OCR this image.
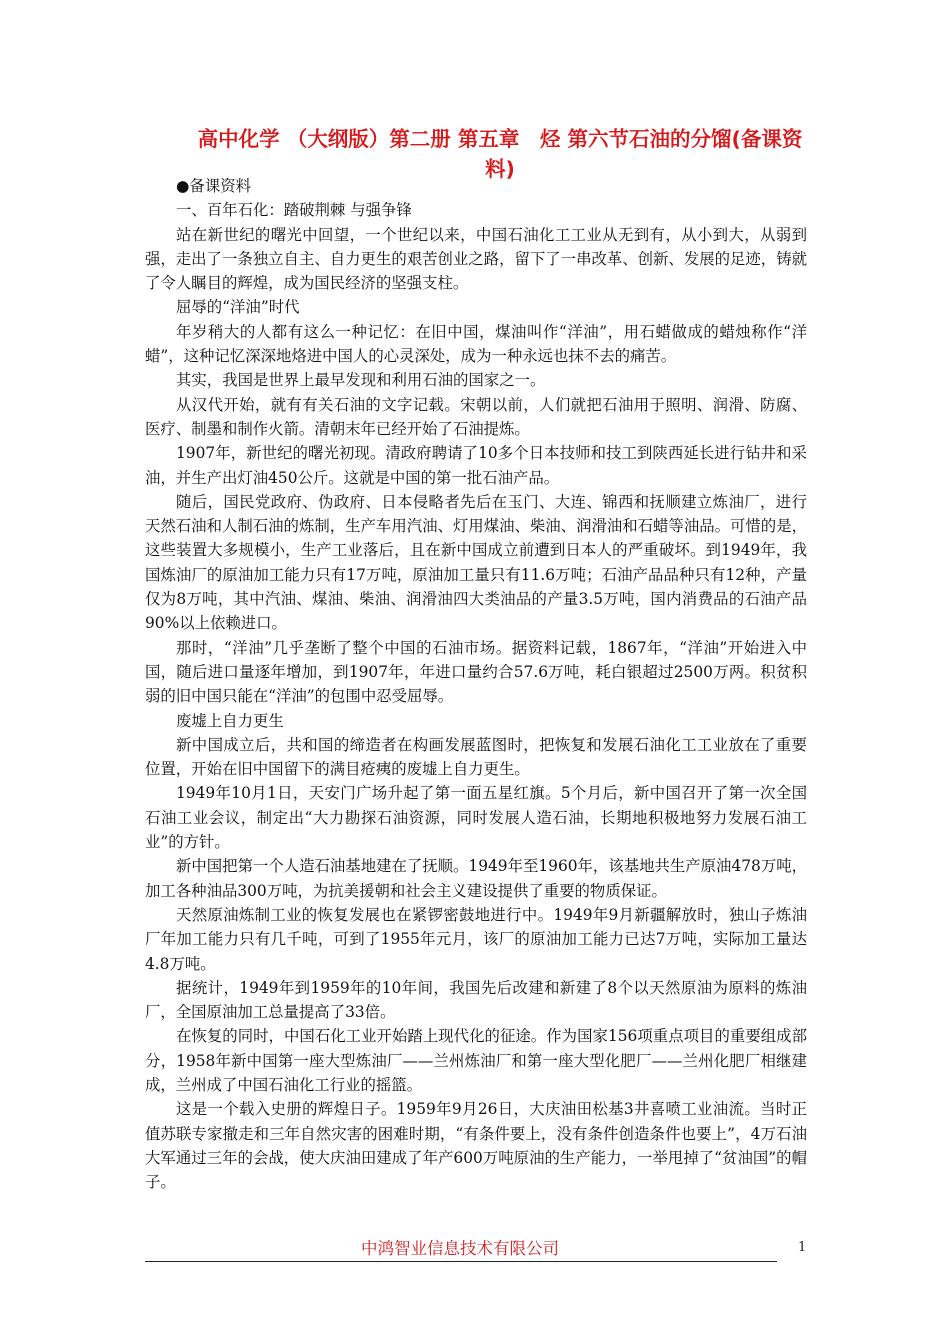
高中化学 （大纲版）第二册 第五章　烃 第六节石油的分馏(备课资料)

●备课资料

一、百年石化：踏破荆棘 与强争锋

站在新世纪的曙光中回望，一个世纪以来，中国石油化工工业从无到有，从小到大，从弱到强，走出了一条独立自主、自力更生的艰苦创业之路，留下了一串改革、创新、发展的足迹，铸就了令人瞩目的辉煌，成为国民经济的坚强支柱。

屈辱的“洋油”时代

年岁稍大的人都有这么一种记忆：在旧中国，煤油叫作“洋油”，用石蜡做成的蜡烛称作“洋蜡”，这种记忆深深地烙进中国人的心灵深处，成为一种永远也抹不去的痛苦。

其实，我国是世界上最早发现和利用石油的国家之一。

从汉代开始，就有有关石油的文字记载。宋朝以前，人们就把石油用于照明、润滑、防腐、医疗、制墨和制作火箭。清朝末年已经开始了石油提炼。

1907年，新世纪的曙光初现。清政府聘请了10多个日本技师和技工到陕西延长进行钻井和采油，并生产出灯油450公斤。这就是中国的第一批石油产品。

随后，国民党政府、伪政府、日本侵略者先后在玉门、大连、锦西和抚顺建立炼油厂，进行天然石油和人制石油的炼制，生产车用汽油、灯用煤油、柴油、润滑油和石蜡等油品。可惜的是，这些装置大多规模小，生产工业落后，且在新中国成立前遭到日本人的严重破坏。到1949年，我国炼油厂的原油加工能力只有17万吨，原油加工量只有11.6万吨；石油产品品种只有12种，产量仅为8万吨，其中汽油、煤油、柴油、润滑油四大类油品的产量3.5万吨，国内消费品的石油产品90%以上依赖进口。

那时，“洋油”几乎垄断了整个中国的石油市场。据资料记载，1867年，“洋油”开始进入中国，随后进口量逐年增加，到1907年，年进口量约合57.6万吨，耗白银超过2500万两。积贫积弱的旧中国只能在“洋油”的包围中忍受屈辱。

废墟上自力更生

新中国成立后，共和国的缔造者在构画发展蓝图时，把恢复和发展石油化工工业放在了重要位置，开始在旧中国留下的满目疮痍的废墟上自力更生。

1949年10月1日，天安门广场升起了第一面五星红旗。5个月后，新中国召开了第一次全国石油工业会议，制定出“大力勘探石油资源，同时发展人造石油，长期地积极地努力发展石油工业”的方针。

新中国把第一个人造石油基地建在了抚顺。1949年至1960年，该基地共生产原油478万吨，加工各种油品300万吨，为抗美援朝和社会主义建设提供了重要的物质保证。

天然原油炼制工业的恢复发展也在紧锣密鼓地进行中。1949年9月新疆解放时，独山子炼油厂年加工能力只有几千吨，可到了1955年元月，该厂的原油加工能力已达7万吨，实际加工量达4.8万吨。

据统计，1949年到1959年的10年间，我国先后改建和新建了8个以天然原油为原料的炼油厂，全国原油加工总量提高了33倍。

在恢复的同时，中国石化工业开始踏上现代化的征途。作为国家156项重点项目的重要组成部分，1958年新中国第一座大型炼油厂——兰州炼油厂和第一座大型化肥厂——兰州化肥厂相继建成，兰州成了中国石油化工行业的摇篮。

这是一个载入史册的辉煌日子。1959年9月26日，大庆油田松基3井喜喷工业油流。当时正值苏联专家撤走和三年自然灾害的困难时期，“有条件要上，没有条件创造条件也要上”，4万石油大军通过三年的会战，使大庆油田建成了年产600万吨原油的生产能力，一举甩掉了“贫油国”的帽子。

中鸿智业信息技术有限公司	1
